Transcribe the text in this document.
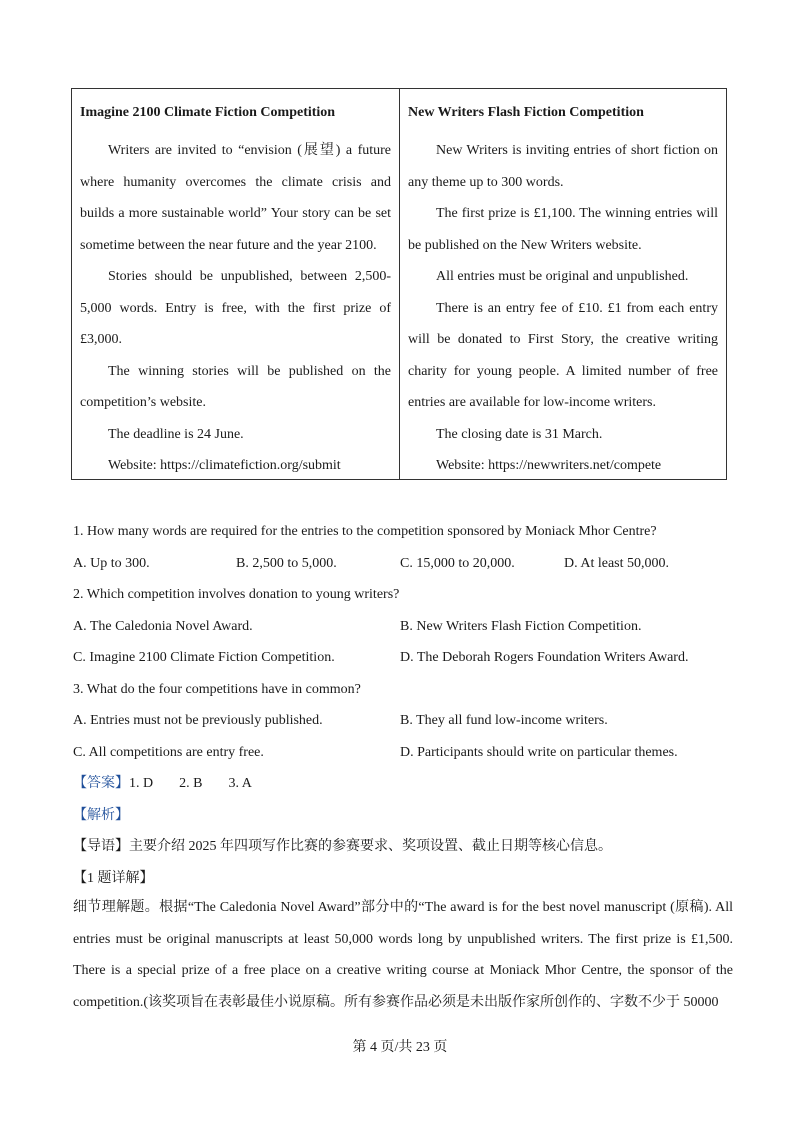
Imagine 2100 Climate Fiction Competition

Writers are invited to “envision (展望) a future where humanity overcomes the climate crisis and builds a more sustainable world” Your story can be set sometime between the near future and the year 2100.

Stories should be unpublished, between 2,500-5,000 words. Entry is free, with the first prize of £3,000.

The winning stories will be published on the competition’s website.

The deadline is 24 June.

Website: https://climatefiction.org/submit

New Writers Flash Fiction Competition

New Writers is inviting entries of short fiction on any theme up to 300 words.

The first prize is £1,100. The winning entries will be published on the New Writers website.

All entries must be original and unpublished.

There is an entry fee of £10. £1 from each entry will be donated to First Story, the creative writing charity for young people. A limited number of free entries are available for low-income writers.

The closing date is 31 March.

Website: https://newwriters.net/compete

1. How many words are required for the entries to the competition sponsored by Moniack Mhor Centre?
A. Up to 300.	B. 2,500 to 5,000.	C. 15,000 to 20,000.	D. At least 50,000.
2. Which competition involves donation to young writers?
A. The Caledonia Novel Award.	B. New Writers Flash Fiction Competition.
C. Imagine 2100 Climate Fiction Competition.	D. The Deborah Rogers Foundation Writers Award.
3. What do the four competitions have in common?
A. Entries must not be previously published.	B. They all fund low-income writers.
C. All competitions are entry free.	D. Participants should write on particular themes.
【答案】1. D 2. B 3. A
【解析】
【导语】主要介绍 2025 年四项写作比赛的参赛要求、奖项设置、截止日期等核心信息。
【1 题详解】
细节理解题。根据“The Caledonia Novel Award”部分中的“The award is for the best novel manuscript (原稿). All entries must be original manuscripts at least 50,000 words long by unpublished writers. The first prize is £1,500. There is a special prize of a free place on a creative writing course at Moniack Mhor Centre, the sponsor of the competition.(该奖项旨在表彰最佳小说原稿。所有参赛作品必须是未出版作家所创作的、字数不少于 50000
第 4 页/共 23 页
